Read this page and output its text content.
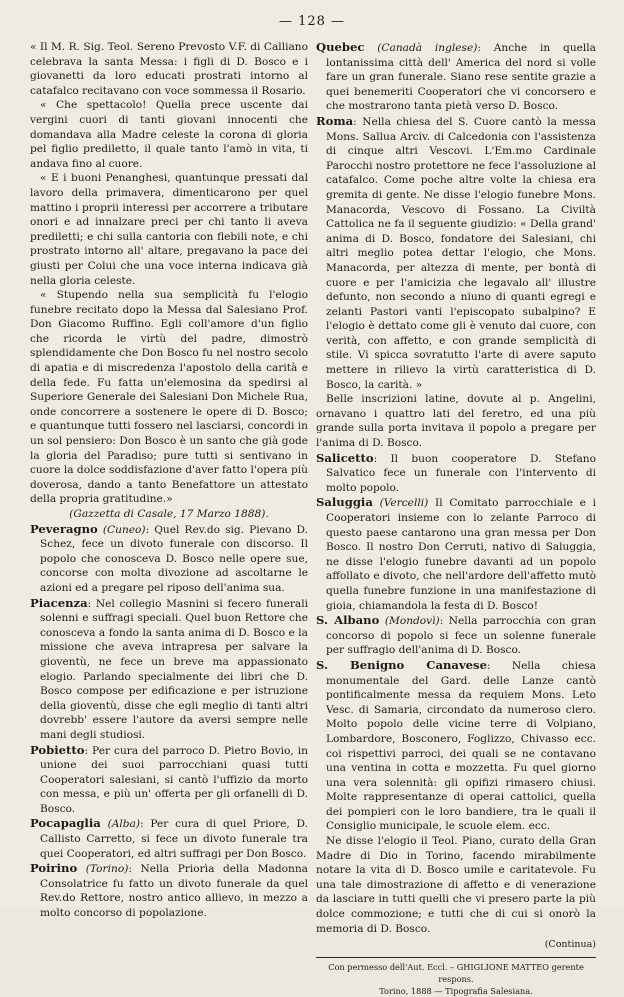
— 128 —

« Il M. R. Sig. Teol. Sereno Prevosto V.F. di Calliano celebrava la santa Messa: i figli di D. Bosco e i giovanetti da loro educati prostrati intorno al catafalco recitavano con voce sommessa il Rosario.

« Che spettacolo! Quella prece uscente dai vergini cuori di tanti giovani innocenti che domandava alla Madre celeste la corona di gloria pel figlio prediletto, il quale tanto l'amò in vita, ti andava fino al cuore.

« E i buoni Penanghesi, quantunque pressati dal lavoro della primavera, dimenticarono per quel mattino i proprii interessi per accorrere a tributare onori e ad innalzare preci per chi tanto li aveva prediletti; e chi sulla cantoria con flebili note, e chi prostrato intorno all' altare, pregavano la pace dei giusti per Colui che una voce interna indicava già nella gloria celeste.

« Stupendo nella sua semplicità fu l'elogio funebre recitato dopo la Messa dal Salesiano Prof. Don Giacomo Ruffino. Egli coll'amore d'un figlio che ricorda le virtù del padre, dimostrò splendidamente che Don Bosco fu nel nostro secolo di apatia e di miscredenza l'apostolo della carità e della fede. Fu fatta un'elemosina da spedirsi al Superiore Generale dei Salesiani Don Michele Rua, onde concorrere a sostenere le opere di D. Bosco; e quantunque tutti fossero nel lasciarsi, concordi in un sol pensiero: Don Bosco è un santo che già gode la gloria del Paradiso; pure tutti si sentivano in cuore la dolce soddisfazione d'aver fatto l'opera più doverosa, dando a tanto Benefattore un attestato della propria gratitudine.»

(Gazzetta di Casale, 17 Marzo 1888).

Peveragno (Cuneo): Quel Rev.do sig. Pievano D. Schez, fece un divoto funerale con discorso. Il popolo che conosceva D. Bosco nelle opere sue, concorse con molta divozione ad ascoltarne le azioni ed a pregare pel riposo dell'anima sua.

Piacenza: Nel collegio Masnini si fecero funerali solenni e suffragi speciali. Quel buon Rettore che conosceva a fondo la santa anima di D. Bosco e la missione che aveva intrapresa per salvare la gioventù, ne fece un breve ma appassionato elogio. Parlando specialmente dei libri che D. Bosco compose per edificazione e per istruzione della gioventù, disse che egli meglio di tanti altri dovrebb' essere l'autore da aversi sempre nelle mani degli studiosi.

Pobietto: Per cura del parroco D. Pietro Bovio, in unione dei suoi parrocchiani quasi tutti Cooperatori salesiani, si cantò l'uffizio da morto con messa, e più un' offerta per gli orfanelli di D. Bosco.

Pocapaglia (Alba): Per cura di quel Priore, D. Callisto Carretto, si fece un divoto funerale tra quei Cooperatori, ed altri suffragi per Don Bosco.

Poirino (Torino): Nella Priorìa della Madonna Consolatrice fu fatto un divoto funerale da quel Rev.do Rettore, nostro antico allievo, in mezzo a molto concorso di popolazione.

Quebec (Canadà inglese): Anche in quella lontanissima città dell' America del nord si volle fare un gran funerale. Siano rese sentite grazie a quei benemeriti Cooperatori che vi concorsero e che mostrarono tanta pietà verso D. Bosco.

Roma: Nella chiesa del S. Cuore cantò la messa Mons. Sallua Arciv. di Calcedonia con l'assistenza di cinque altri Vescovi. L'Em.mo Cardinale Parocchi nostro protettore ne fece l'assoluzione al catafalco. Come poche altre volte la chiesa era gremita di gente. Ne disse l'elogio funebre Mons. Manacorda, Vescovo di Fossano. La Civiltà Cattolica ne fa il seguente giudizio: « Della grand' anima di D. Bosco, fondatore dei Salesiani, chi altri meglio potea dettar l'elogio, che Mons. Manacorda, per altezza di mente, per bontà di cuore e per l'amicizia che legavalo all' illustre defunto, non secondo a niuno di quanti egregi e zelanti Pastori vanti l'episcopato subalpino? E l'elogio è dettato come gli è venuto dal cuore, con verità, con affetto, e con grande semplicità di stile. Vi spicca sovratutto l'arte di avere saputo mettere in rilievo la virtù caratteristica di D. Bosco, la carità. »

Belle inscrizioni latine, dovute al p. Angelini, ornavano i quattro lati del feretro, ed una più grande sulla porta invitava il popolo a pregare per l'anima di D. Bosco.

Salicetto: Il buon cooperatore D. Stefano Salvatico fece un funerale con l'intervento di molto popolo.

Saluggia (Vercelli) Il Comitato parrocchiale e i Cooperatori insieme con lo zelante Parroco di questo paese cantarono una gran messa per Don Bosco. Il nostro Don Cerruti, nativo di Saluggia, ne disse l'elogio funebre davanti ad un popolo affollato e divoto, che nell'ardore dell'affetto mutò quella funebre funzione in una manifestazione di gioia, chiamandola la festa di D. Bosco!

S. Albano (Mondovì): Nella parrocchia con gran concorso di popolo si fece un solenne funerale per suffragio dell'anima di D. Bosco.

S. Benigno Canavese: Nella chiesa monumentale del Gard. delle Lanze cantò pontificalmente messa da requiem Mons. Leto Vesc. di Samaria, circondato da numeroso clero. Molto popolo delle vicine terre di Volpiano, Lombardore, Bosconero, Foglizzo, Chivasso ecc. coi rispettivi parroci, dei quali se ne contavano una ventina in cotta e mozzetta. Fu quel giorno una vera solennità: gli opifizi rimasero chiusi. Molte rappresentanze di operai cattolici, quella dei pompieri con le loro bandiere, tra le quali il Consiglio municipale, le scuole elem. ecc.

Ne disse l'elogio il Teol. Piano, curato della Gran Madre di Dio in Torino, facendo mirabilmente notare la vita di D. Bosco umile e caritatevole. Fu una tale dimostrazione di affetto e di venerazione da lasciare in tutti quelli che vi presero parte la più dolce commozione; e tutti che di cui si onorò la memoria di D. Bosco.

(Continua)
Con permesso dell'Aut. Eccl. – GHIGLIONE MATTEO gerente respons.
Torino, 1888 — Tipografia Salesiana.
